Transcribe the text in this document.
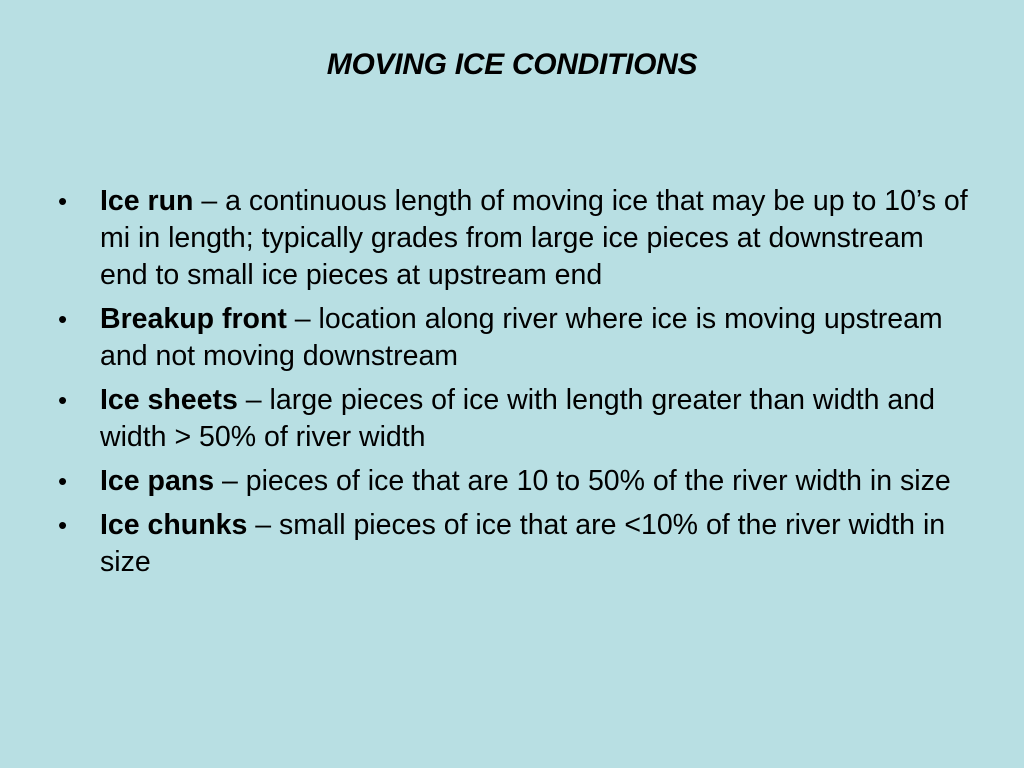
MOVING ICE CONDITIONS
• Ice run – a continuous length of moving ice that may be up to 10’s of mi in length; typically grades from large ice pieces at downstream end to small ice pieces at upstream end
• Breakup front – location along river where ice is moving upstream and not moving downstream
• Ice sheets – large pieces of ice with length greater than width and width > 50% of river width
• Ice pans – pieces of ice that are 10 to 50% of the river width in size
• Ice chunks – small pieces of ice that are <10% of the river width in size
